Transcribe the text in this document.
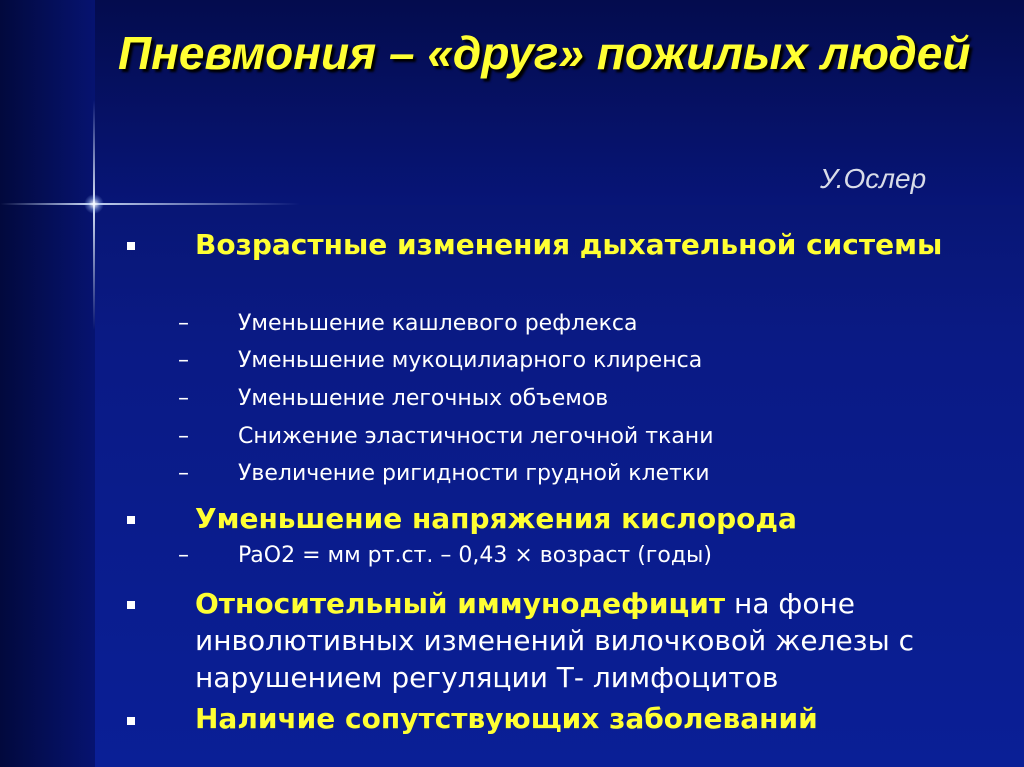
Пневмония – «друг» пожилых людей
У.Ослер
Возрастные изменения дыхательной системы
– Уменьшение кашлевого рефлекса
– Уменьшение мукоцилиарного клиренса
– Уменьшение легочных объемов
– Снижение эластичности легочной ткани
– Увеличение ригидности грудной клетки
Уменьшение напряжения кислорода
– PaO2 = мм рт.ст. – 0,43 × возраст (годы)
Относительный иммунодефицит на фоне инволютивных изменений вилочковой железы с нарушением регуляции Т- лимфоцитов
Наличие сопутствующих заболеваний
